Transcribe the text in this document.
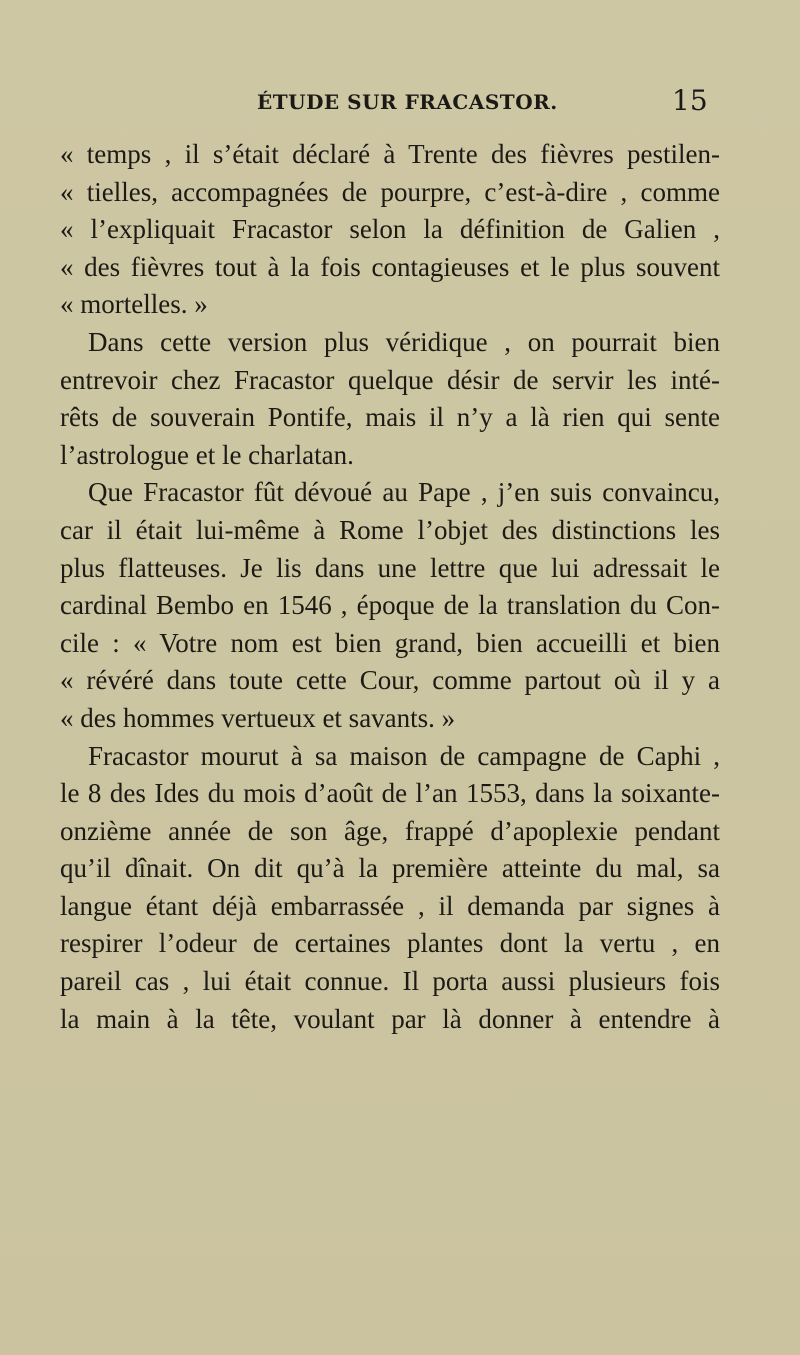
ÉTUDE SUR FRACASTOR.	15
« temps , il s’était déclaré à Trente des fièvres pestilen-
« tielles, accompagnées de pourpre, c’est-à-dire , comme
« l’expliquait Fracastor selon la définition de Galien ,
« des fièvres tout à la fois contagieuses et le plus souvent
« mortelles. »
Dans cette version plus véridique , on pourrait bien
entrevoir chez Fracastor quelque désir de servir les inté-
rêts de souverain Pontife, mais il n’y a là rien qui sente
l’astrologue et le charlatan.
Que Fracastor fût dévoué au Pape , j’en suis convaincu,
car il était lui-même à Rome l’objet des distinctions les
plus flatteuses. Je lis dans une lettre que lui adressait le
cardinal Bembo en 1546 , époque de la translation du Con-
cile : « Votre nom est bien grand, bien accueilli et bien
« révéré dans toute cette Cour, comme partout où il y a
« des hommes vertueux et savants. »
Fracastor mourut à sa maison de campagne de Caphi ,
le 8 des Ides du mois d’août de l’an 1553, dans la soixante-
onzième année de son âge, frappé d’apoplexie pendant
qu’il dînait. On dit qu’à la première atteinte du mal, sa
langue étant déjà embarrassée , il demanda par signes à
respirer l’odeur de certaines plantes dont la vertu , en
pareil cas , lui était connue. Il porta aussi plusieurs fois
la main à la tête, voulant par là donner à entendre à
